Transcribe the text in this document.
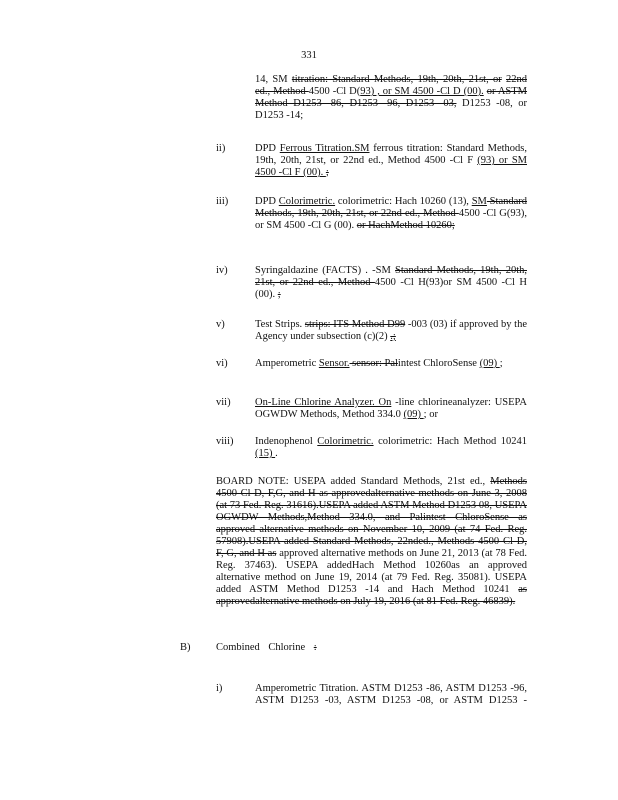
331

14, SM titration: Standard Methods, 19th, 20th, 21st, or 22nd ed., Method 4500 -Cl D(93) , or SM 4500 -Cl D (00). or ASTM Method D1253 -86, D1253 -96, D1253 -03, D1253 -08, or D1253 -14;

ii)	DPD Ferrous Titration.SM ferrous titration: Standard Methods, 19th, 20th, 21st, or 22nd ed., Method 4500 -Cl F (93) or SM 4500 -Cl F (00). ;
iii)	DPD Colorimetric. colorimetric: Hach 10260 (13), SM Standard Methods, 19th, 20th, 21st, or 22nd ed., Method 4500 -Cl G(93), or SM 4500 -Cl G (00). or HachMethod 10260;
iv)	Syringaldazine (FACTS) . -SM Standard Methods, 19th, 20th, 21st, or 22nd ed., Method 4500 -Cl H(93)or SM 4500 -Cl H (00). ;
v)	Test Strips. strips: ITS Method D99 -003 (03) if approved by the Agency under subsection (c)(2) .;
vi)	Amperometric Sensor. sensor: Palintest ChloroSense (09) ;
vii) On-Line Chlorine Analyzer. On -line chlorineanalyzer: USEPA OGWDW Methods, Method 334.0 (09) ; or
viii) Indenophenol Colorimetric. colorimetric: Hach Method 10241 (15) .
BOARD NOTE: USEPA added Standard Methods, 21st ed., Methods 4500 Cl D, F,G, and H as approvedalternative methods on June 3, 2008 (at 73 Fed. Reg. 31616).USEPA added ASTM Method D1253 08, USEPA OGWDW Methods,Method 334.0, and Palintest ChloroSense as approved alternative methods on November 10, 2009 (at 74 Fed. Reg. 57908).USEPA added Standard Methods, 22nded., Methods 4500 Cl D, F, G, and H as approved alternative methods on June 21, 2013 (at 78 Fed. Reg. 37463). USEPA addedHach Method 10260as an approved alternative method on June 19, 2014 (at 79 Fed. Reg. 35081). USEPA added ASTM Method D1253 -14 and Hach Method 10241 as approvedalternative methods on July 19, 2016 (at 81 Fed. Reg. 46839).
B) Combined Chlorine :
i)	Amperometric Titration. ASTM D1253 -86, ASTM D1253 -96, ASTM D1253 -03, ASTM D1253 -08, or ASTM D1253 -
